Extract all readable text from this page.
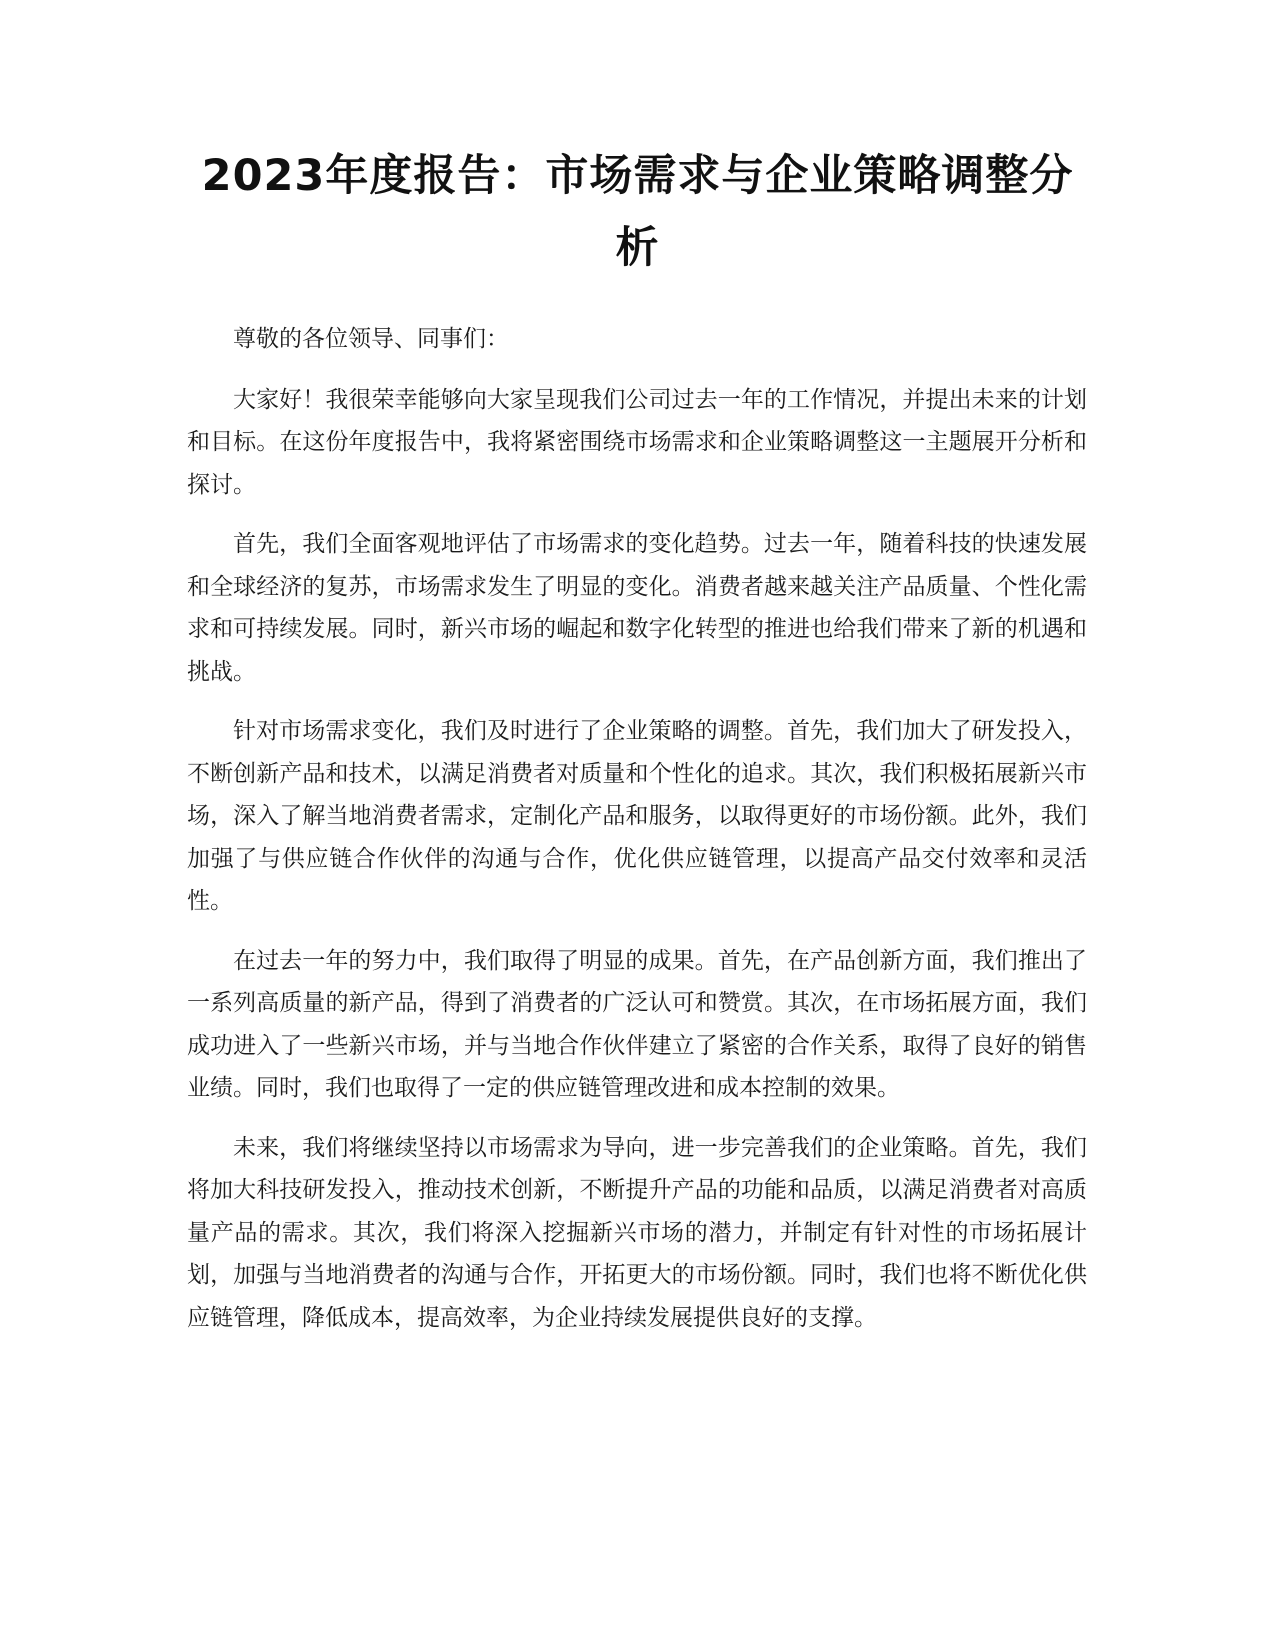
2023年度报告：市场需求与企业策略调整分析

尊敬的各位领导、同事们：

大家好！我很荣幸能够向大家呈现我们公司过去一年的工作情况，并提出未来的计划和目标。在这份年度报告中，我将紧密围绕市场需求和企业策略调整这一主题展开分析和探讨。

首先，我们全面客观地评估了市场需求的变化趋势。过去一年，随着科技的快速发展和全球经济的复苏，市场需求发生了明显的变化。消费者越来越关注产品质量、个性化需求和可持续发展。同时，新兴市场的崛起和数字化转型的推进也给我们带来了新的机遇和挑战。

针对市场需求变化，我们及时进行了企业策略的调整。首先，我们加大了研发投入，不断创新产品和技术，以满足消费者对质量和个性化的追求。其次，我们积极拓展新兴市场，深入了解当地消费者需求，定制化产品和服务，以取得更好的市场份额。此外，我们加强了与供应链合作伙伴的沟通与合作，优化供应链管理，以提高产品交付效率和灵活性。

在过去一年的努力中，我们取得了明显的成果。首先，在产品创新方面，我们推出了一系列高质量的新产品，得到了消费者的广泛认可和赞赏。其次，在市场拓展方面，我们成功进入了一些新兴市场，并与当地合作伙伴建立了紧密的合作关系，取得了良好的销售业绩。同时，我们也取得了一定的供应链管理改进和成本控制的效果。

未来，我们将继续坚持以市场需求为导向，进一步完善我们的企业策略。首先，我们将加大科技研发投入，推动技术创新，不断提升产品的功能和品质，以满足消费者对高质量产品的需求。其次，我们将深入挖掘新兴市场的潜力，并制定有针对性的市场拓展计划，加强与当地消费者的沟通与合作，开拓更大的市场份额。同时，我们也将不断优化供应链管理，降低成本，提高效率，为企业持续发展提供良好的支撑。
